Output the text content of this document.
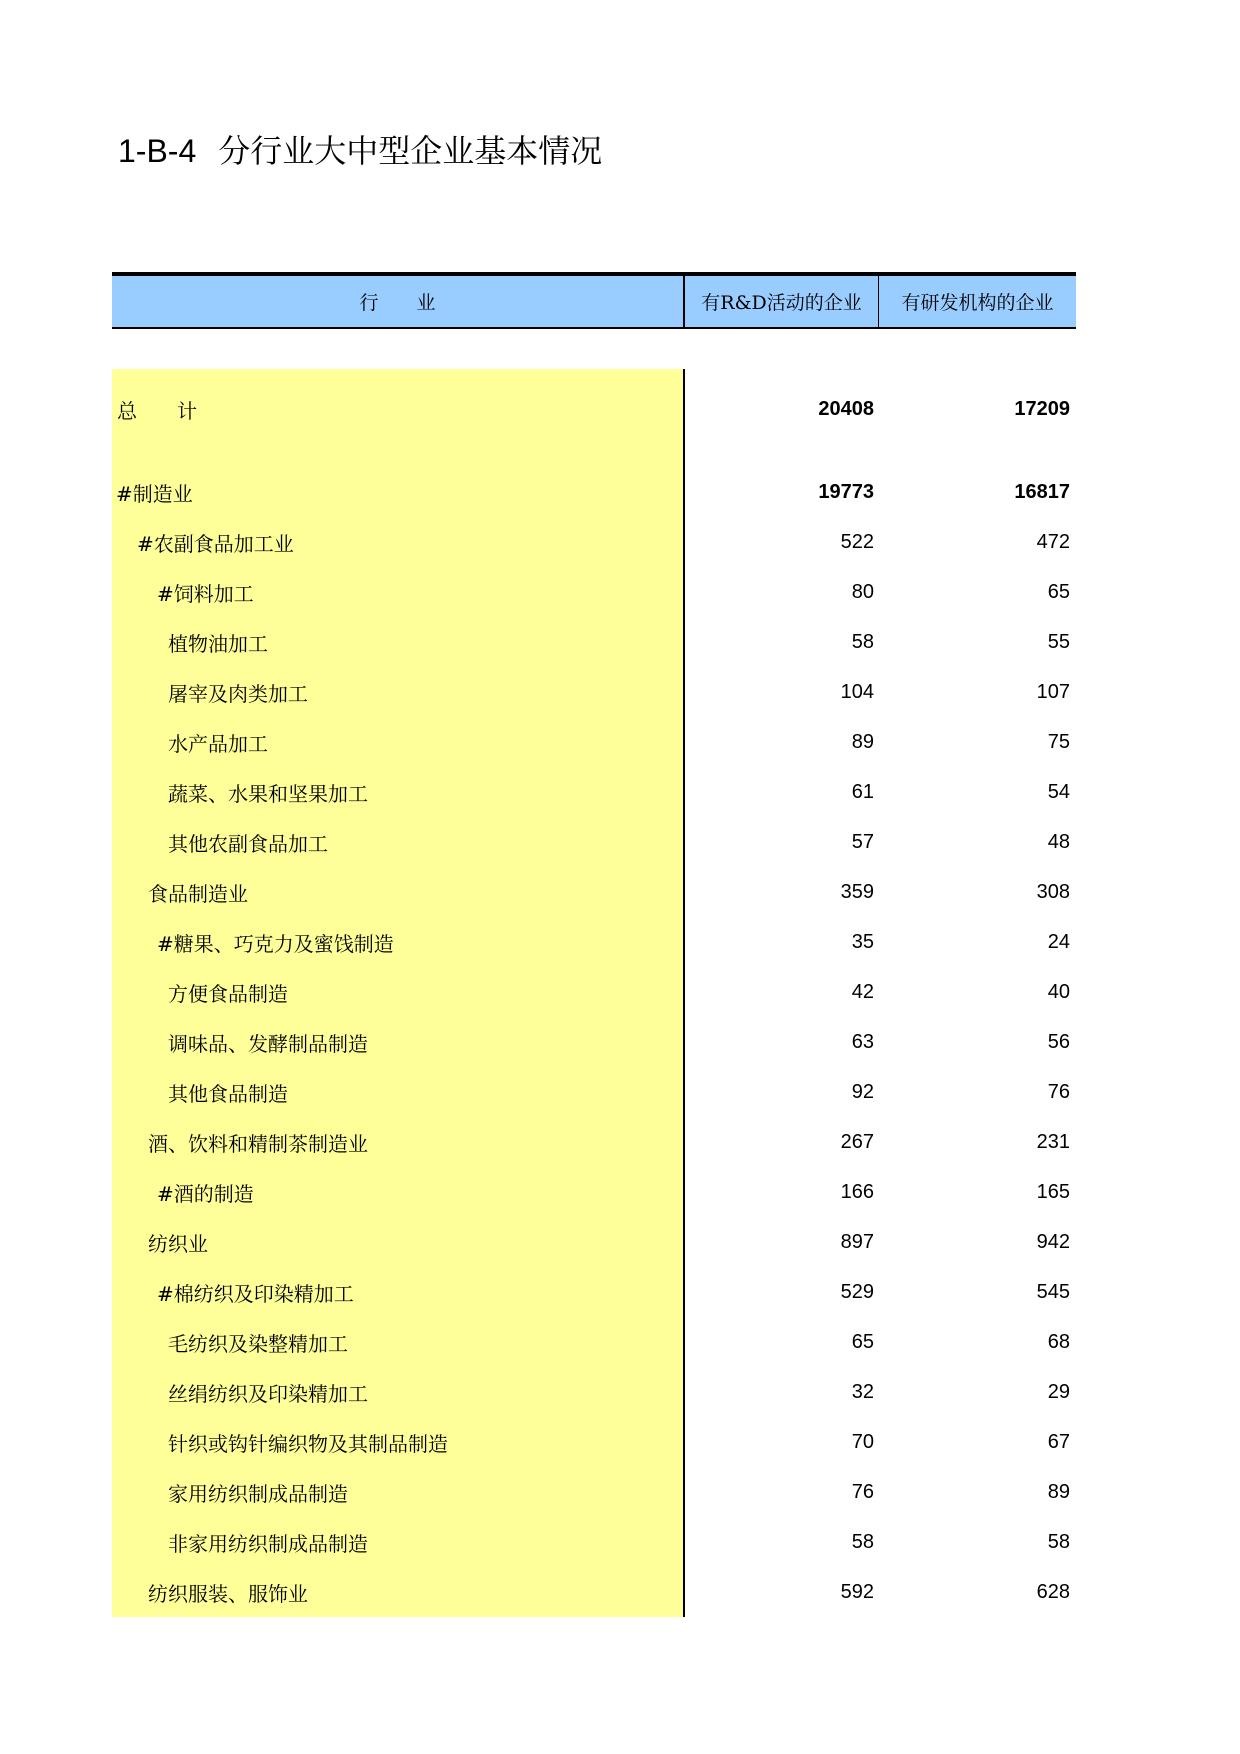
1-B-4 分行业大中型企业基本情况
行　　业	有R&D活动的企业	有研发机构的企业
总　　计	20408	17209
#制造业	19773	16817
#农副食品加工业	522	472
#饲料加工	80	65
植物油加工	58	55
屠宰及肉类加工	104	107
水产品加工	89	75
蔬菜、水果和坚果加工	61	54
其他农副食品加工	57	48
食品制造业	359	308
#糖果、巧克力及蜜饯制造	35	24
方便食品制造	42	40
调味品、发酵制品制造	63	56
其他食品制造	92	76
酒、饮料和精制茶制造业	267	231
#酒的制造	166	165
纺织业	897	942
#棉纺织及印染精加工	529	545
毛纺织及染整精加工	65	68
丝绢纺织及印染精加工	32	29
针织或钩针编织物及其制品制造	70	67
家用纺织制成品制造	76	89
非家用纺织制成品制造	58	58
纺织服装、服饰业	592	628
